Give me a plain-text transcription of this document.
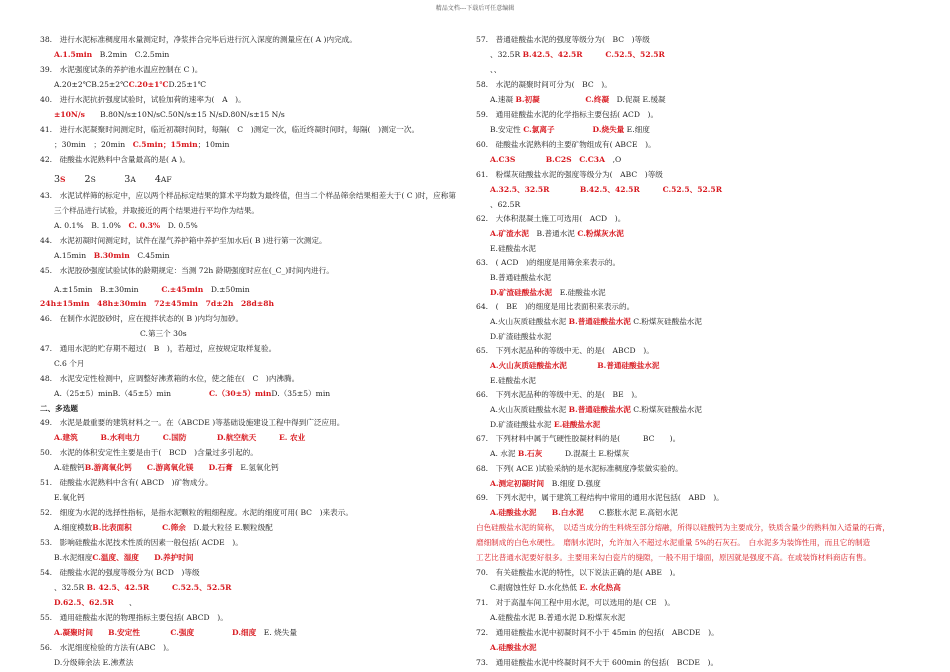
精品文档---下载后可任意编辑
38.　进行水泥标准稠度用水量测定时，净浆拌合完毕后进行沉入深度的测量应在( A )内完成。
A.1.5min　B.2min　C.2.5min
39.　水泥强度试条的养护池水温应控制在 C )。
A.20±2℃B.25±2℃C.20±1℃D.25±1℃
40.　进行水泥抗折强度试验时，试验加荷的速率为(　A　)。
±10N/s　　B.80N/s±10N/sC.50N/s±15 N/sD.80N/s±15 N/s
41.　进行水泥凝聚时间测定时，临近初凝时间时，每隔(　C　)测定一次，临近终凝时间时，每隔(　)测定一次。
；30min　；20min　C.5min；15min；10min
42.　硅酸盐水泥熟料中含量最高的是( A )。
3S　　2S　　　3A　　4AF
43.　水泥试样筛的标定中，应以两个样品标定结果的算术平均数为最终值，但当二个样品筛余结果相差大于( C )时，应称第
三个样品进行试验，并取接近的两个结果进行平均作为结果。
A. 0.1%　B. 1.0%　C. 0.3%　D. 0.5%
44.　水泥初凝时间测定时，试件在湿气养护箱中养护至加水后( B )进行第一次测定。
A.15min　B.30min　C.45min
45.　水泥胶砂强度试验试体的龄期规定：当测 72h 龄期强度时应在(_C_)时间内进行。
A.±15min　B.±30min　　　C.±45min　D.±50min
24h±15min　48h±30min　72±45min　7d±2h　28d±8h
46.　在制作水泥胶砂时，应在搅拌状态的( B )内均匀加砂。
C.第三个 30s
47.　通用水泥的贮存期不超过(　B　)，若超过，应按规定取样复验。
C.6 个月
48.　水泥安定性检测中，应调整好沸煮箱的水位，使之能在(　C　)内沸腾。
A.（25±5）minB.（45±5）min　　　　　C.（30±5）minD.（35±5）min
二、多选题
49.　水泥是最重要的建筑材料之一。在（ABCDE )等基础设施建设工程中得到广泛应用。
A.建筑　　　	B.水利电力　　　	C.国防　　　　	D.航空航天　　　	E. 农业
50.　水泥的体积安定性主要是由于(　BCD　)含量过多引起的。
A.硅酸钙B.游离氧化钙　　 C.游离氧化镁　　 D.石膏　E.氢氧化钙
51.　硅酸盐水泥熟料中含有( ABCD　)矿物成分。
E.氧化钙
52.　细度为水泥的选择性指标，是指水泥颗粒的粗细程度。水泥的细度可用( BC　)来表示。
A.细度模数B.比表面积　　　　	C.筛余　D.最大粒径 E.颗粒级配
53.　影响硅酸盐水泥技术性质的因素一般包括( ACDE　)。
B.水泥细度C.温度、湿度　　 D.养护时间
54.　硅酸盐水泥的强度等级分为( BCD　)等级
、32.5R B. 42.5、42.5R　　　	C.52.5、52.5R
D.62.5、62.5R　　、
55.　通用硅酸盐水泥的物理指标主要包括( ABCD　)。
A.凝聚时间　　 B.安定性　　　　	C.强度　　　　　	D.细度　E. 烧失量
56.　水泥细度检验的方法有(ABC　)。
D.分级筛余法 E.沸煮法
57.　普通硅酸盐水泥的强度等级分为(　BC　)等级
、32.5R B.42.5、42.5R　　　	C.52.5、52.5R
、、
58.　水泥的凝聚时间可分为(　BC　)。
A.速凝 B.初凝　　　　　　	C.终凝　D.促凝 E.缓凝
59.　通用硅酸盐水泥的化学指标主要包括( ACD　)。
B.安定性 C.氯离子　　　　　	D.烧失量 E.细度
60.　硅酸盐水泥熟料的主要矿物组成有( ABCE　)。
A.C3S　　　　	B.C2S　 C.C3A　,O
61.　粉煤灰硅酸盐水泥的强度等级分为(　ABC　)等级
A.32.5、32.5R　　　　	B.42.5、42.5R　　　	C.52.5、52.5R
、62.5R
62.　大体积混凝土施工可选用(　ACD　)。
A.矿渣水泥　B.普通水泥 C.粉煤灰水泥
E.硅酸盐水泥
63.　( ACD　)的细度是用筛余来表示的。
B.普通硅酸盐水泥
D.矿渣硅酸盐水泥　E.硅酸盐水泥
64.　(　BE　)的细度是用比表面积来表示的。
A.火山灰质硅酸盐水泥 B.普通硅酸盐水泥 C.粉煤灰硅酸盐水泥
D.矿渣硅酸盐水泥
65.　下列水泥品种的等级中无、的是(　ABCD　)。
A.火山灰质硅酸盐水泥　　　　	B.普通硅酸盐水泥
E.硅酸盐水泥
66.　下列水泥品种的等级中无、的是(　BE　)。
A.火山灰质硅酸盐水泥 B.普通硅酸盐水泥 C.粉煤灰硅酸盐水泥
D.矿渣硅酸盐水泥 E.硅酸盐水泥
67.　下列材料中属于气硬性胶凝材料的是(　　　BC　　)。
A. 水泥 B.石灰　　　D.混凝土 E.粉煤灰
68.　下列( ACE )试验采纳的是水泥标准稠度净浆做实验的。
A.测定初凝时间　B.细度 D.强度
69.　下列水泥中，属于建筑工程结构中常用的通用水泥包括(　ABD　)。
A.硅酸盐水泥　　 B.白水泥　　C.膨胀水泥 E.高铝水泥
白色硅酸盐水泥的简称，　以适当成分的生料烧至部分熔融，所得以硅酸钙为主要成分，铁质含量少的熟料加入适量的石膏，
磨细制成的白色水硬性。　磨制水泥时，允许加入不超过水泥重量 5%的石灰石。　白水泥多为装饰性用，而且它的制造
工艺比普通水泥要好很多。主要用来勾白瓷片的缝隙，一般不用于墙面，原因就是强度不高。在或装饰材料商店有售。
70.　有关硅酸盐水泥的特性，以下说法正确的是( ABE　)。
C.耐腐蚀性好 D.水化热低 E. 水化热高
71.　对于高温车间工程中用水泥，可以选用的是( CE　)。
A.硅酸盐水泥 B.普通水泥 D.粉煤灰水泥
72.　通用硅酸盐水泥中初凝时间不小于 45min 的包括(　ABCDE　)。
A.硅酸盐水泥
73.　通用硅酸盐水泥中终凝时间不大于 600min 的包括(　BCDE　)。
